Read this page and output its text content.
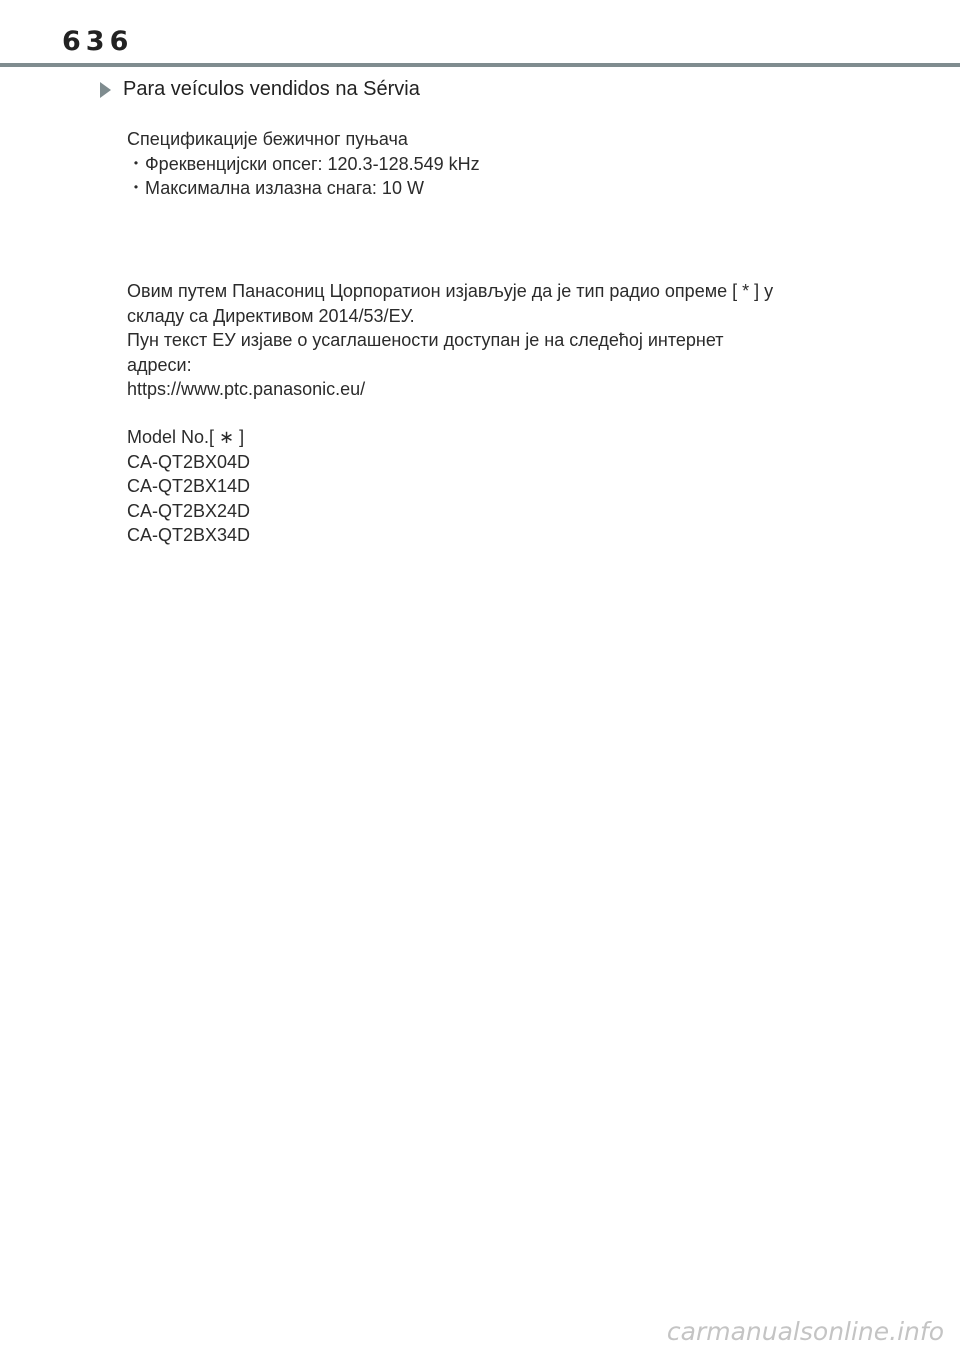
636
Para veículos vendidos na Sérvia
Спецификације бежичног пуњача
・Фреквенцијски опсег: 120.3-128.549 kHz
・Максимална излазна снага: 10 W
Овим путем Панасониц Цорпоратион изјављује да је тип радио опреме [ * ] у
складу са Директивом 2014/53/ЕУ.
Пун текст ЕУ изјаве о усаглашености доступан је на следећој интернет
адреси:
https://www.ptc.panasonic.eu/
Model No.[ ∗ ]
CA-QT2BX04D
CA-QT2BX14D
CA-QT2BX24D
CA-QT2BX34D
carmanualsonline.info
